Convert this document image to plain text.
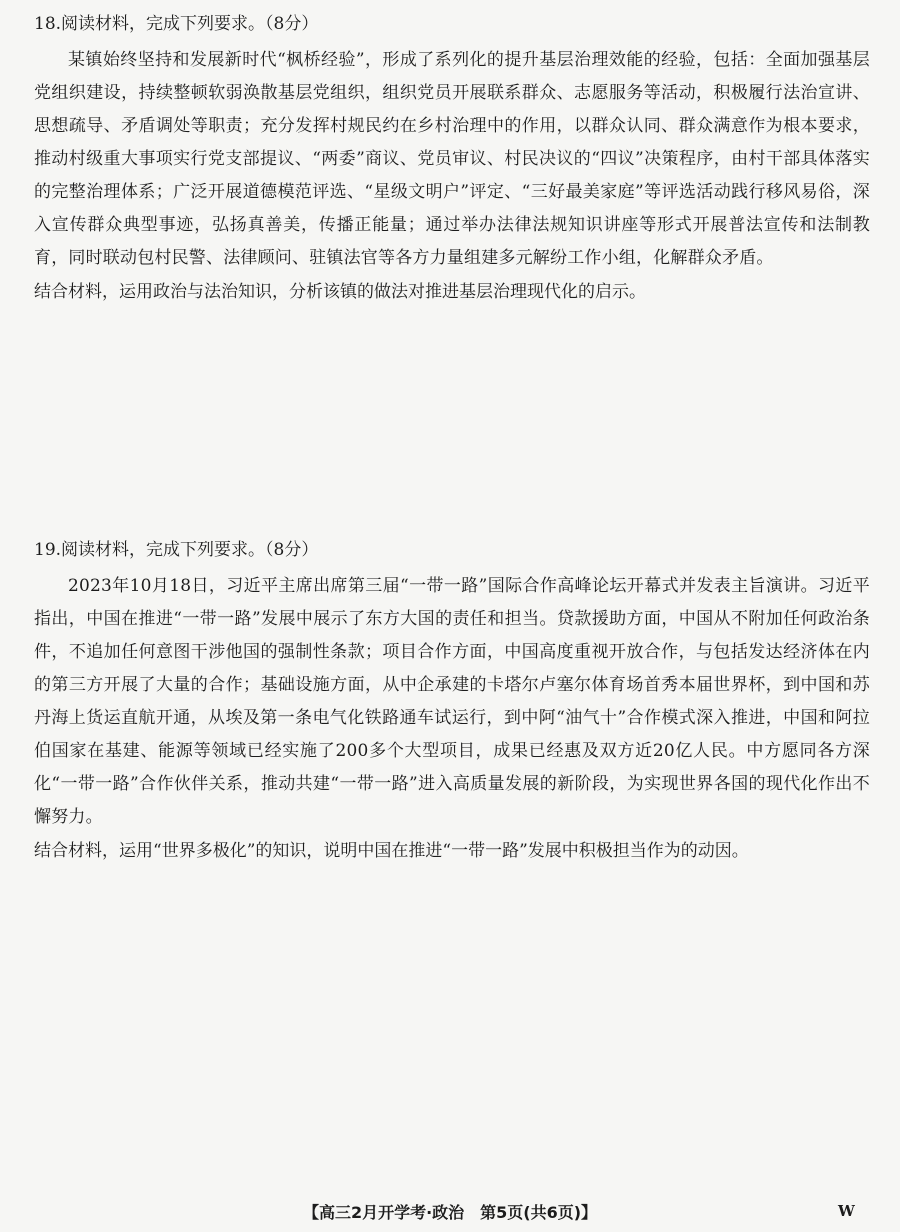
18.阅读材料，完成下列要求。（8分）

某镇始终坚持和发展新时代“枫桥经验”，形成了系列化的提升基层治理效能的经验，包括：全面加强基层党组织建设，持续整顿软弱涣散基层党组织，组织党员开展联系群众、志愿服务等活动，积极履行法治宣讲、思想疏导、矛盾调处等职责；充分发挥村规民约在乡村治理中的作用，以群众认同、群众满意作为根本要求，推动村级重大事项实行党支部提议、“两委”商议、党员审议、村民决议的“四议”决策程序，由村干部具体落实的完整治理体系；广泛开展道德模范评选、“星级文明户”评定、“三好最美家庭”等评选活动践行移风易俗，深入宣传群众典型事迹，弘扬真善美，传播正能量；通过举办法律法规知识讲座等形式开展普法宣传和法制教育，同时联动包村民警、法律顾问、驻镇法官等各方力量组建多元解纷工作小组，化解群众矛盾。

结合材料，运用政治与法治知识，分析该镇的做法对推进基层治理现代化的启示。
19.阅读材料，完成下列要求。（8分）

2023年10月18日，习近平主席出席第三届“一带一路”国际合作高峰论坛开幕式并发表主旨演讲。习近平指出，中国在推进“一带一路”发展中展示了东方大国的责任和担当。贷款援助方面，中国从不附加任何政治条件，不追加任何意图干涉他国的强制性条款；项目合作方面，中国高度重视开放合作，与包括发达经济体在内的第三方开展了大量的合作；基础设施方面，从中企承建的卡塔尔卢塞尔体育场首秀本届世界杯，到中国和苏丹海上货运直航开通，从埃及第一条电气化铁路通车试运行，到中阿“油气十”合作模式深入推进，中国和阿拉伯国家在基建、能源等领域已经实施了200多个大型项目，成果已经惠及双方近20亿人民。中方愿同各方深化“一带一路”合作伙伴关系，推动共建“一带一路”进入高质量发展的新阶段，为实现世界各国的现代化作出不懈努力。

结合材料，运用“世界多极化”的知识，说明中国在推进“一带一路”发展中积极担当作为的动因。
【高三2月开学考·政治　第5页(共6页)】	W
